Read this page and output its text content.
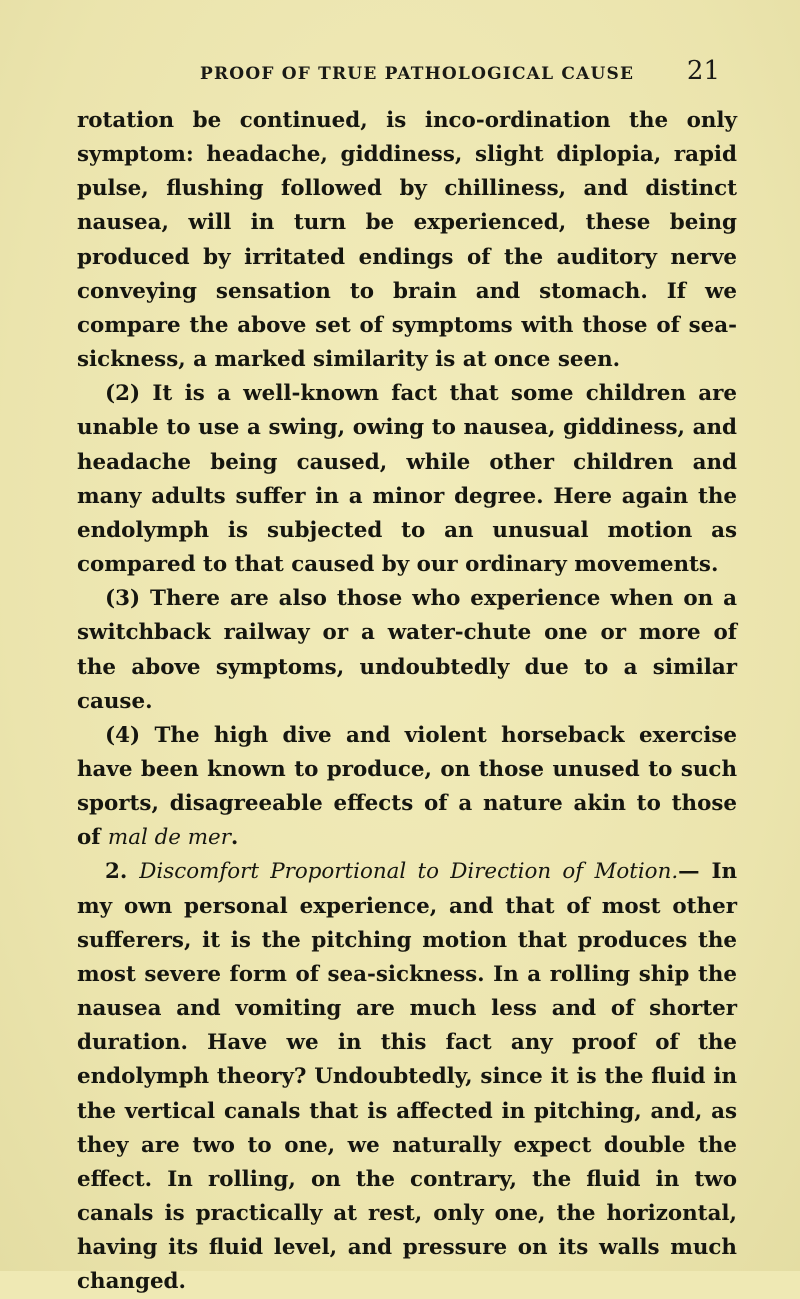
PROOF OF TRUE PATHOLOGICAL CAUSE 21

rotation be continued, is inco-ordination the only symptom: headache, giddiness, slight diplopia, rapid pulse, flushing followed by chilliness, and distinct nausea, will in turn be experienced, these being produced by irritated endings of the auditory nerve conveying sensation to brain and stomach. If we compare the above set of symptoms with those of sea-sickness, a marked similarity is at once seen.

(2) It is a well-known fact that some children are unable to use a swing, owing to nausea, giddiness, and headache being caused, while other children and many adults suffer in a minor degree. Here again the endolymph is subjected to an unusual motion as compared to that caused by our ordinary movements.

(3) There are also those who experience when on a switchback railway or a water-chute one or more of the above symptoms, undoubtedly due to a similar cause.

(4) The high dive and violent horseback exercise have been known to produce, on those unused to such sports, disagreeable effects of a nature akin to those of mal de mer.

2. Discomfort Proportional to Direction of Motion.— In my own personal experience, and that of most other sufferers, it is the pitching motion that produces the most severe form of sea-sickness. In a rolling ship the nausea and vomiting are much less and of shorter duration. Have we in this fact any proof of the endolymph theory? Undoubtedly, since it is the fluid in the vertical canals that is affected in pitching, and, as they are two to one, we naturally expect double the effect. In rolling, on the contrary, the fluid in two canals is practically at rest, only one, the horizontal, having its fluid level, and pressure on its walls much changed.
